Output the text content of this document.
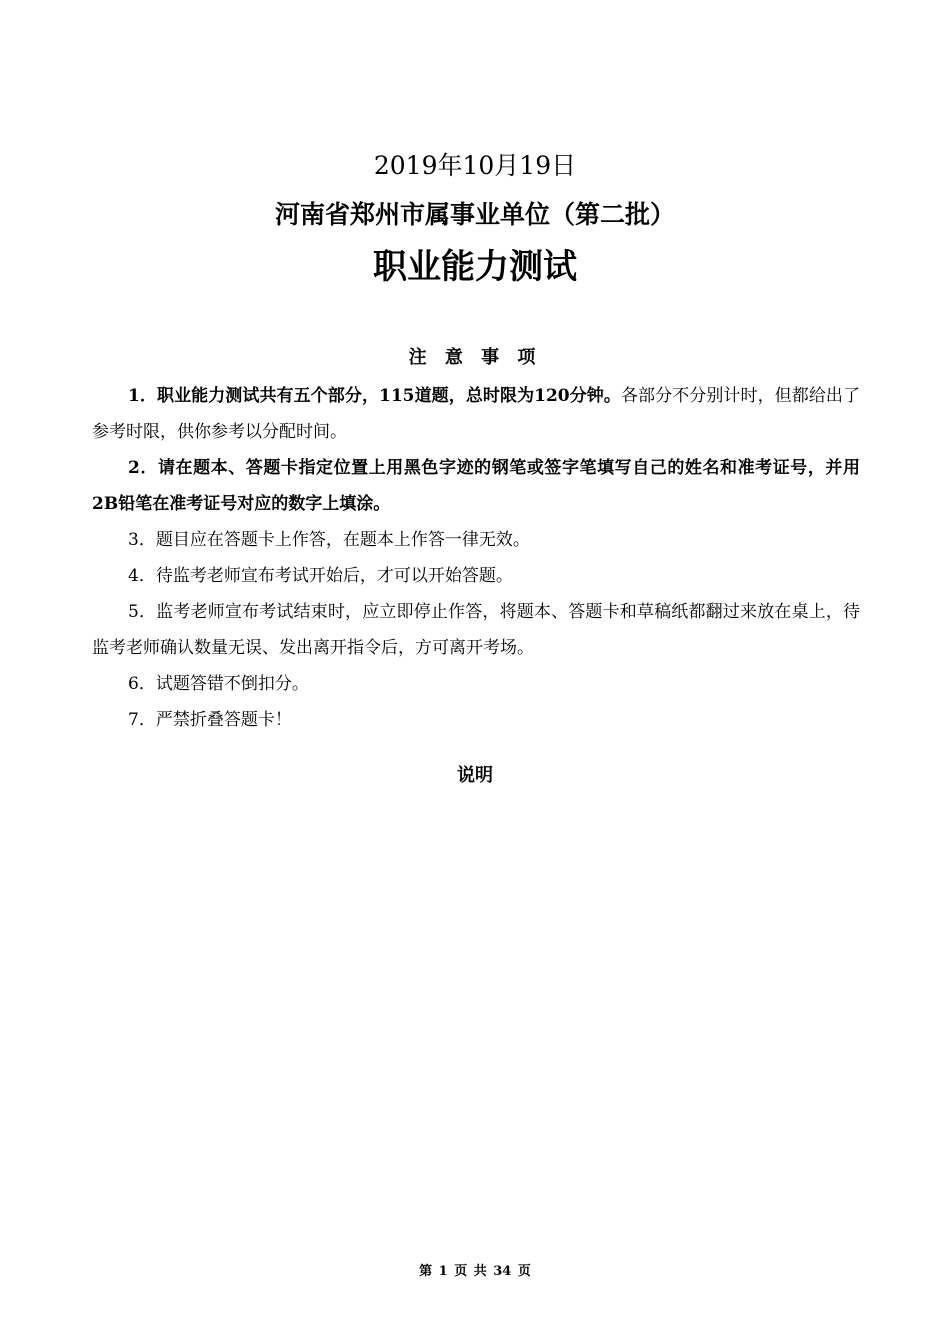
2019年10月19日
河南省郑州市属事业单位（第二批）
职业能力测试
注 意 事 项

1．职业能力测试共有五个部分，115道题，总时限为120分钟。各部分不分别计时，但都给出了参考时限，供你参考以分配时间。

2．请在题本、答题卡指定位置上用黑色字迹的钢笔或签字笔填写自己的姓名和准考证号，并用2B铅笔在准考证号对应的数字上填涂。

3．题目应在答题卡上作答，在题本上作答一律无效。

4．待监考老师宣布考试开始后，才可以开始答题。

5．监考老师宣布考试结束时，应立即停止作答，将题本、答题卡和草稿纸都翻过来放在桌上，待监考老师确认数量无误、发出离开指令后，方可离开考场。

6．试题答错不倒扣分。

7．严禁折叠答题卡！

说明
第 1 页 共 34 页
